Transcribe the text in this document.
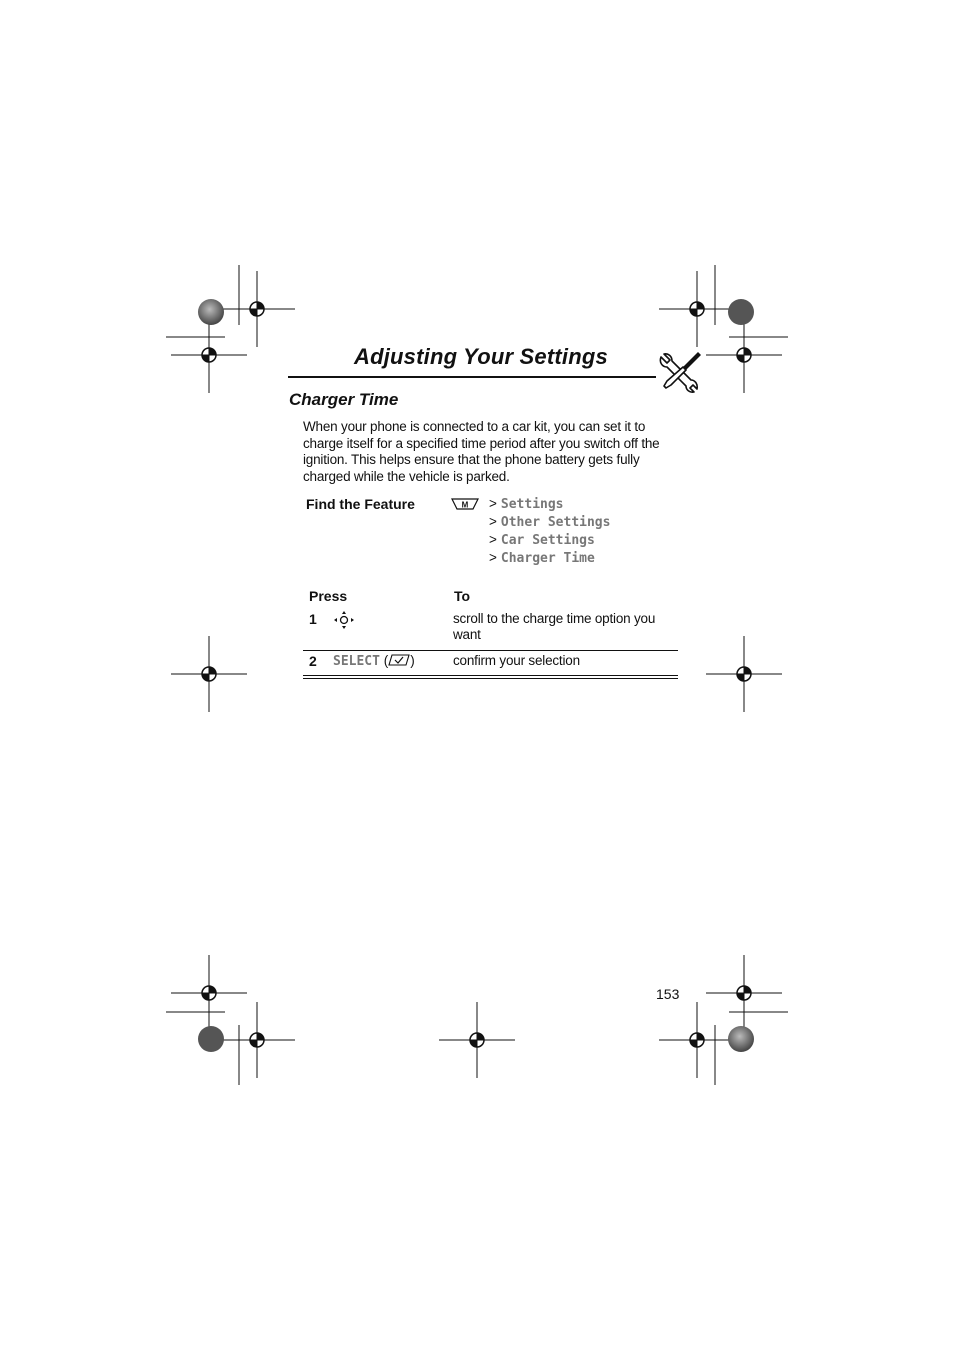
Adjusting Your Settings
Charger Time
When your phone is connected to a car kit, you can set it to charge itself for a specified time period after you switch off the ignition. This helps ensure that the phone battery gets fully charged while the vehicle is parked.
Find the Feature	M > Settings
> Other Settings
> Car Settings
> Charger Time
Press	To
1	scroll to the charge time option you want
2 SELECT ( )	confirm your selection
153
